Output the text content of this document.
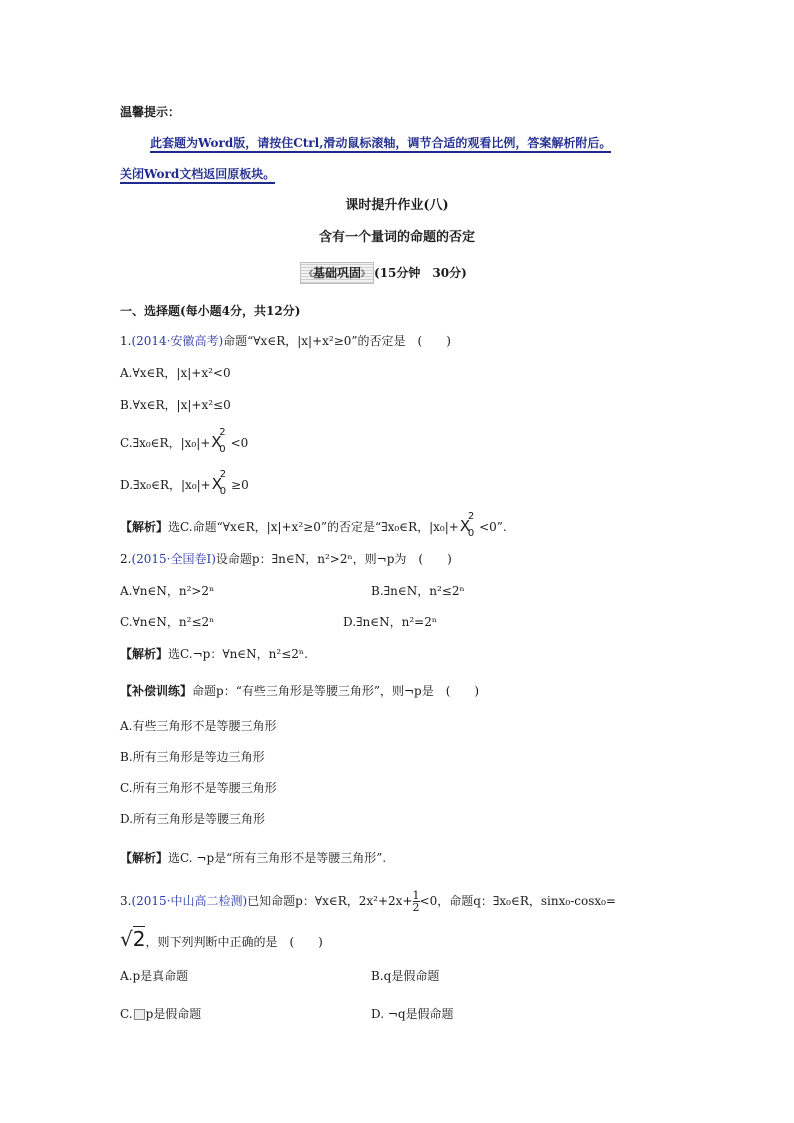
温馨提示：
此套题为Word版，请按住Ctrl,滑动鼠标滚轴，调节合适的观看比例，答案解析附后。
关闭Word文档返回原板块。
课时提升作业(八)
含有一个量词的命题的否定
《基础巩固》 (15分钟　30分)
一、选择题(每小题4分，共12分)
1.(2014·安徽高考)命题“∀x∈R，|x|+x²≥0”的否定是　(　　)
A.∀x∈R，|x|+x²<0
B.∀x∈R，|x|+x²≤0
C.∃x₀∈R，|x₀|+X
2
0 <0
D.∃x₀∈R，|x₀|+X
2
0 ≥0
【解析】选C.命题“∀x∈R，|x|+x²≥0”的否定是“∃x₀∈R，|x₀|+X
2
0 <0”.
2.(2015·全国卷Ⅰ)设命题p：∃n∈N，n²>2ⁿ，则¬p为　(　　)
A.∀n∈N，n²>2ⁿ	B.∃n∈N，n²≤2ⁿ
C.∀n∈N，n²≤2ⁿ	D.∃n∈N，n²=2ⁿ
【解析】选C.¬p：∀n∈N，n²≤2ⁿ.
【补偿训练】命题p：“有些三角形是等腰三角形”，则¬p是　(　　)
A.有些三角形不是等腰三角形
B.所有三角形是等边三角形
C.所有三角形不是等腰三角形
D.所有三角形是等腰三角形
【解析】选C. ¬p是“所有三角形不是等腰三角形”.
3.(2015·中山高二检测)已知命题p：∀x∈R，$2x^2+2x+ \frac{1}{2} <0$，命题q：∃x₀∈R，sinx₀-cosx₀=
√2，则下列判断中正确的是　(　　)
A.p是真命题	B.q是假命题
C. p是假命题	D. ¬q是假命题
